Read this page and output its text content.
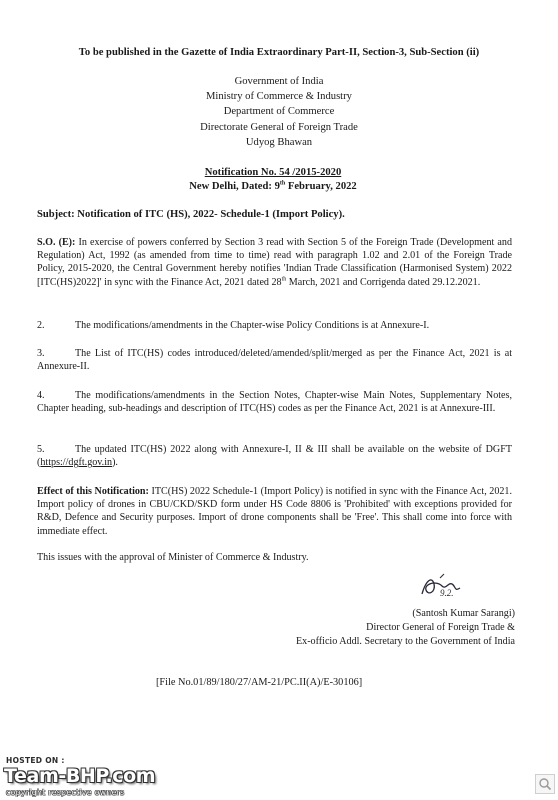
To be published in the Gazette of India Extraordinary Part-II, Section-3, Sub-Section (ii)
Government of India
Ministry of Commerce & Industry
Department of Commerce
Directorate General of Foreign Trade
Udyog Bhawan
Notification No. 54 /2015-2020
New Delhi, Dated: 9th February, 2022
Subject: Notification of ITC (HS), 2022- Schedule-1 (Import Policy).
S.O. (E): In exercise of powers conferred by Section 3 read with Section 5 of the Foreign Trade (Development and Regulation) Act, 1992 (as amended from time to time) read with paragraph 1.02 and 2.01 of the Foreign Trade Policy, 2015-2020, the Central Government hereby notifies 'Indian Trade Classification (Harmonised System) 2022 [ITC(HS)2022]' in sync with the Finance Act, 2021 dated 28th March, 2021 and Corrigenda dated 29.12.2021.
2.	The modifications/amendments in the Chapter-wise Policy Conditions is at Annexure-I.
3.	The List of ITC(HS) codes introduced/deleted/amended/split/merged as per the Finance Act, 2021 is at Annexure-II.
4.	The modifications/amendments in the Section Notes, Chapter-wise Main Notes, Supplementary Notes, Chapter heading, sub-headings and description of ITC(HS) codes as per the Finance Act, 2021 is at Annexure-III.
5.	The updated ITC(HS) 2022 along with Annexure-I, II & III shall be available on the website of DGFT (https://dgft.gov.in).
Effect of this Notification: ITC(HS) 2022 Schedule-1 (Import Policy) is notified in sync with the Finance Act, 2021. Import policy of drones in CBU/CKD/SKD form under HS Code 8806 is 'Prohibited' with exceptions provided for R&D, Defence and Security purposes. Import of drone components shall be 'Free'. This shall come into force with immediate effect.
This issues with the approval of Minister of Commerce & Industry.
9.2.
(Santosh Kumar Sarangi)
Director General of Foreign Trade &
Ex-officio Addl. Secretary to the Government of India
[File No.01/89/180/27/AM-21/PC.II(A)/E-30106]
HOSTED ON :
Team-BHP.com
copyright respective owners
